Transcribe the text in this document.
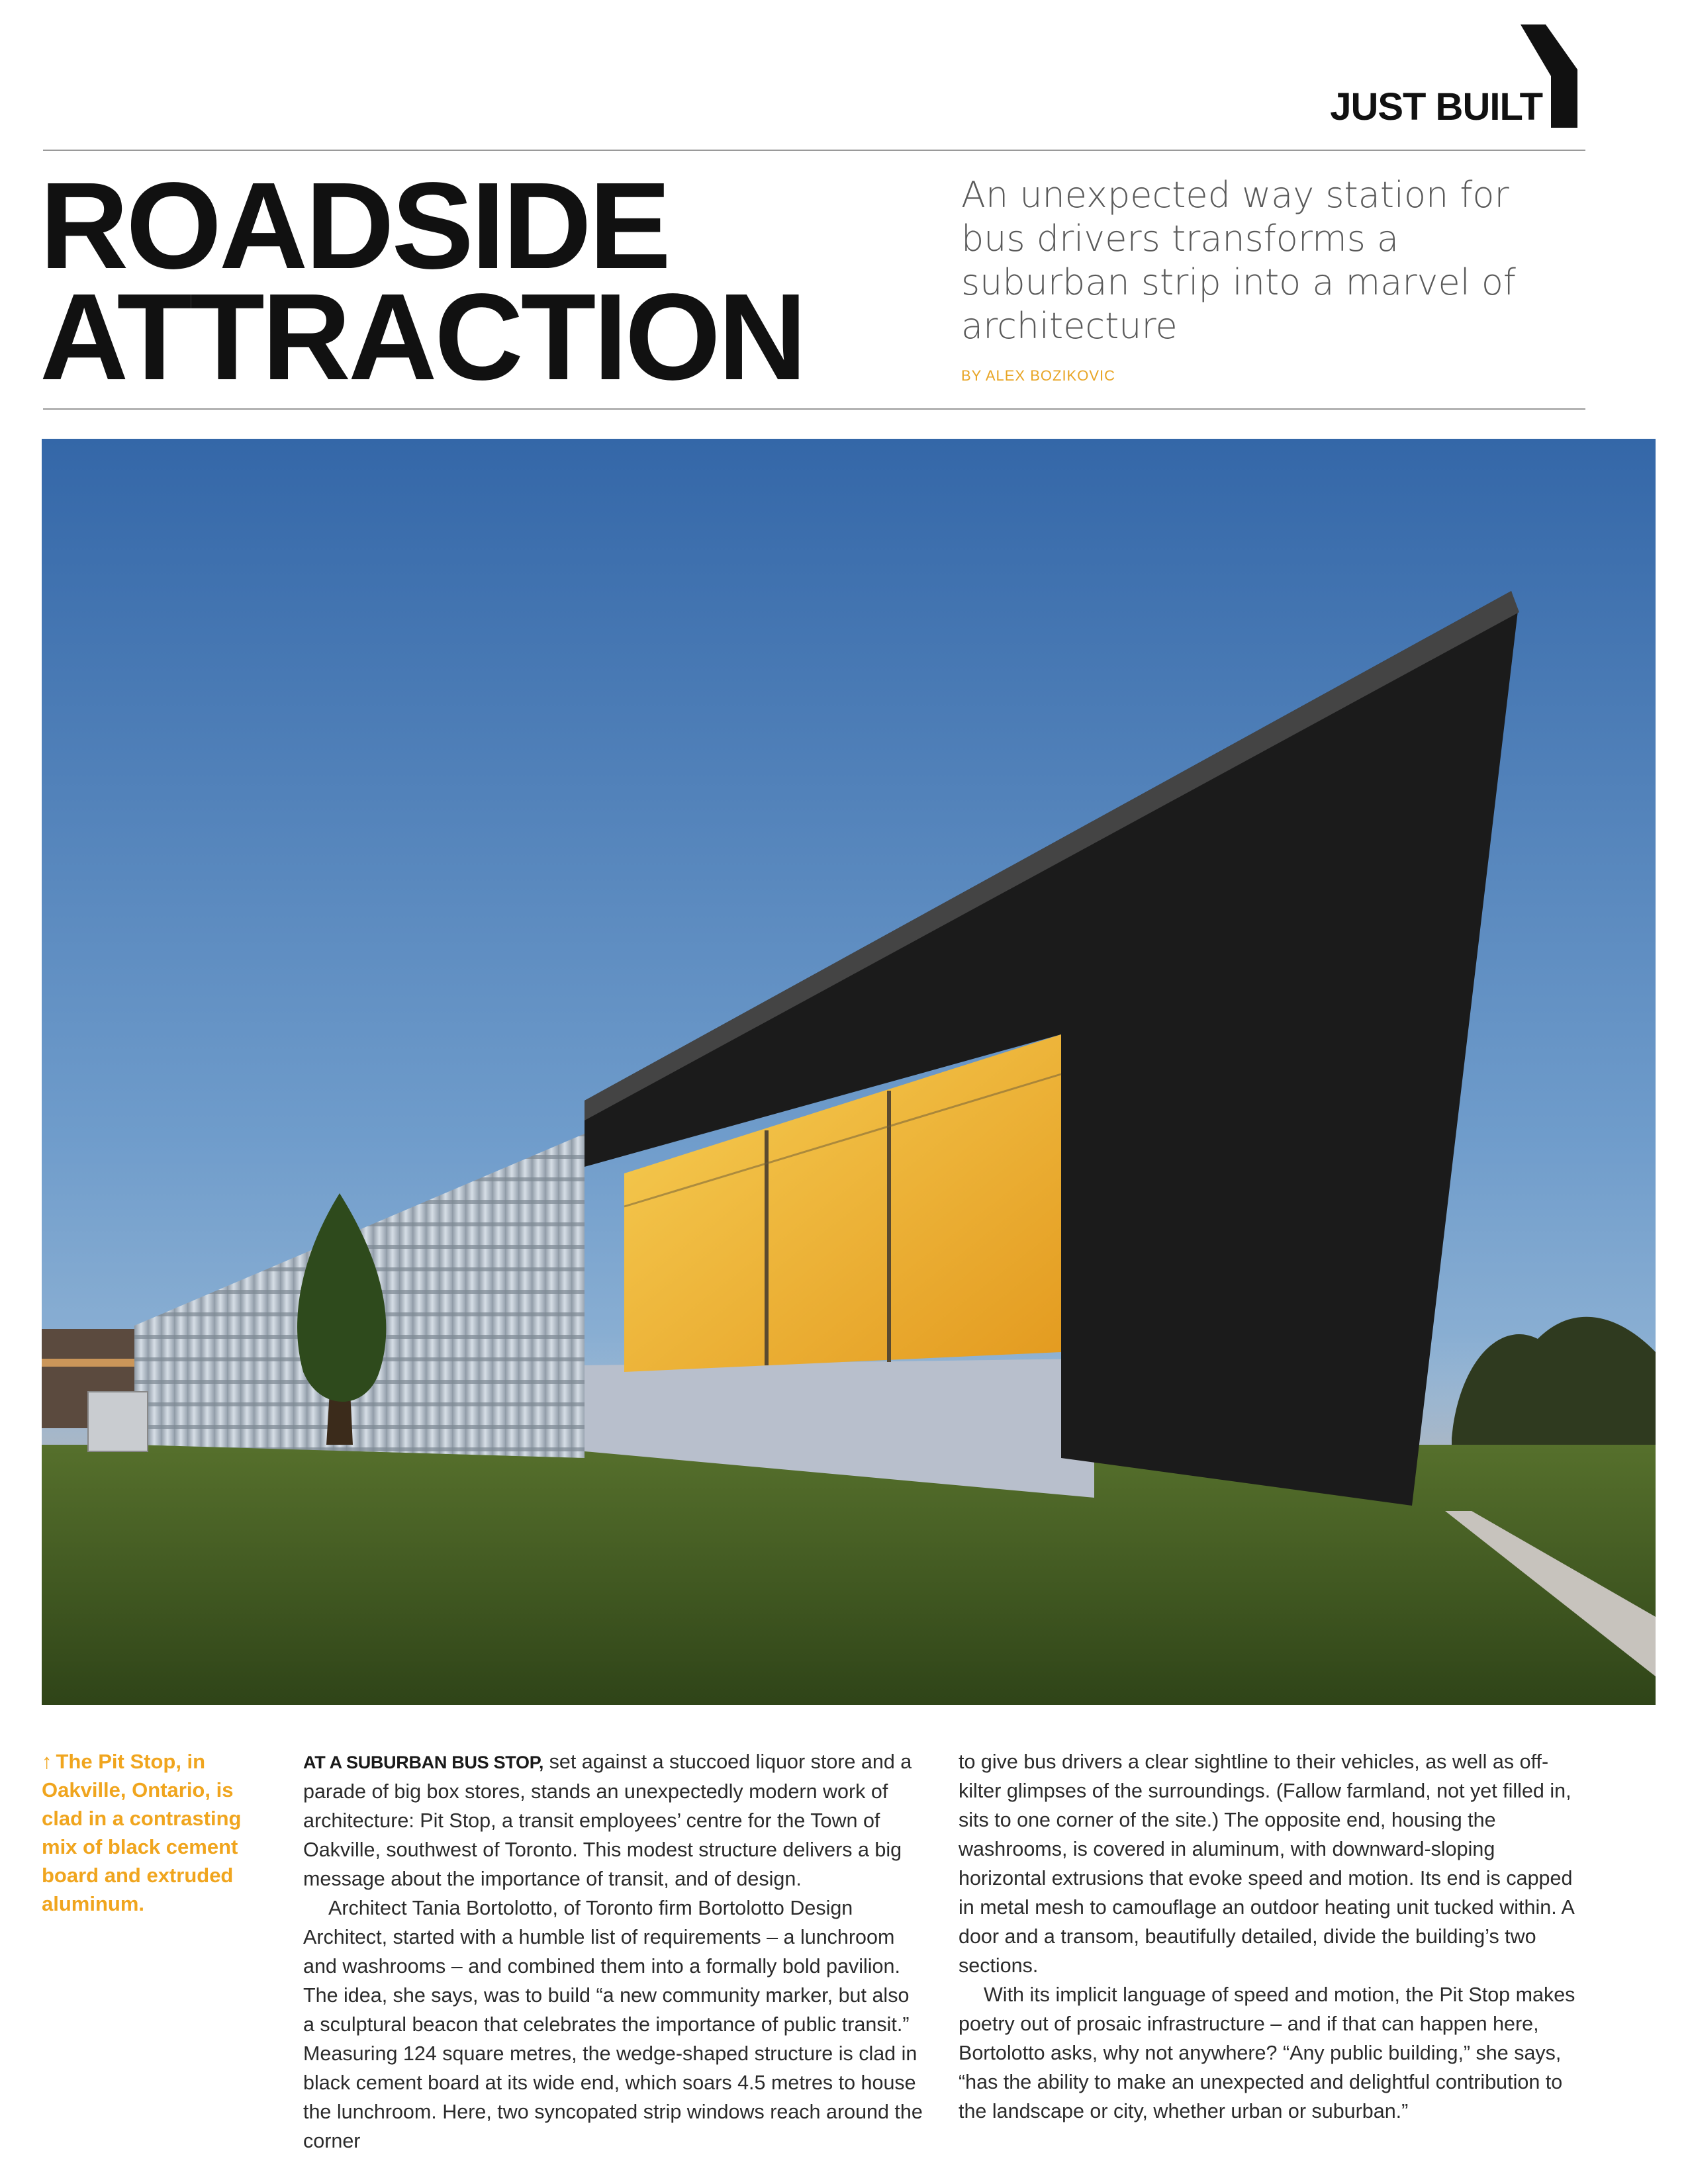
JUST BUILT
ROADSIDE
ATTRACTION

An unexpected way station for bus drivers transforms a suburban strip into a marvel of architecture

BY ALEX BOZIKOVIC

↑ The Pit Stop, in Oakville, Ontario, is clad in a contrasting mix of black cement board and extruded aluminum.

AT A SUBURBAN BUS STOP, set against a stuccoed liquor store and a parade of big box stores, stands an unexpectedly modern work of architecture: Pit Stop, a transit employees’ centre for the Town of Oakville, southwest of Toronto. This modest structure delivers a big message about the importance of transit, and of design.

Architect Tania Bortolotto, of Toronto firm Bortolotto Design Architect, started with a humble list of requirements – a lunchroom and washrooms – and combined them into a formally bold pavilion. The idea, she says, was to build “a new community marker, but also a sculptural beacon that celebrates the importance of public transit.” Measuring 124 square metres, the wedge-shaped structure is clad in black cement board at its wide end, which soars 4.5 metres to house the lunchroom. Here, two syncopated strip windows reach around the corner

to give bus drivers a clear sightline to their vehicles, as well as off-kilter glimpses of the surroundings. (Fallow farmland, not yet filled in, sits to one corner of the site.) The opposite end, housing the washrooms, is covered in aluminum, with downward-sloping horizontal extrusions that evoke speed and motion. Its end is capped in metal mesh to camouflage an outdoor heating unit tucked within. A door and a transom, beautifully detailed, divide the building’s two sections.

With its implicit language of speed and motion, the Pit Stop makes poetry out of prosaic infrastructure – and if that can happen here, Bortolotto asks, why not anywhere? “Any public building,” she says, “has the ability to make an unexpected and delightful contribution to the landscape or city, whether urban or suburban.”
